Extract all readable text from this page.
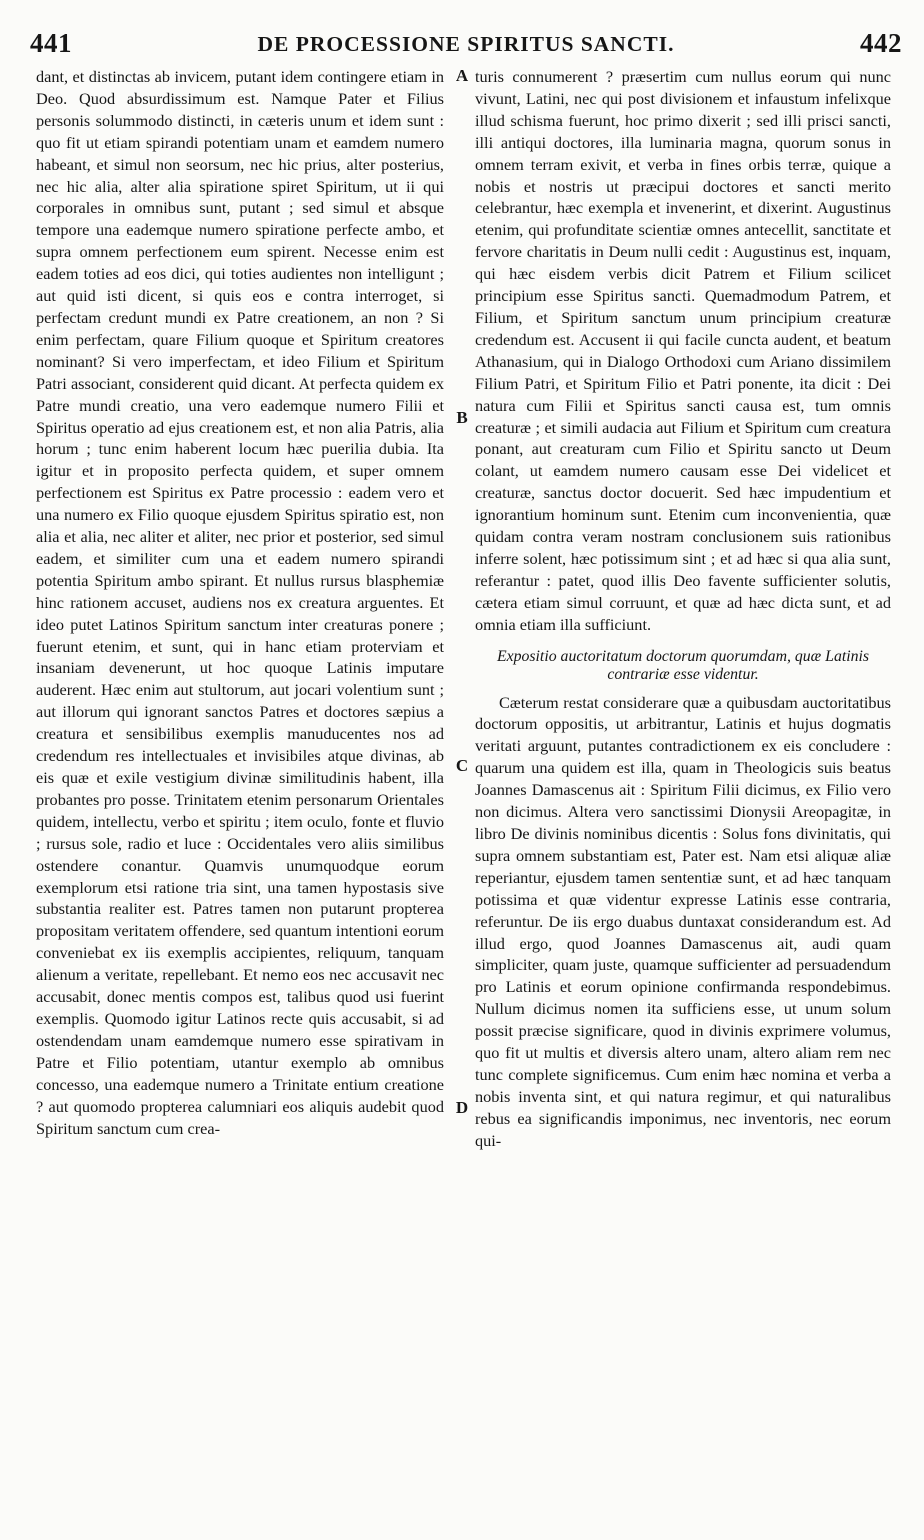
441	DE PROCESSIONE SPIRITUS SANCTI.	442

dant, et distinctas ab invicem, putant idem contingere etiam in Deo. Quod absurdissimum est. Namque Pater et Filius personis solummodo distincti, in cæteris unum et idem sunt : quo fit ut etiam spirandi potentiam unam et eamdem numero habeant, et simul non seorsum, nec hic prius, alter posterius, nec hic alia, alter alia spiratione spiret Spiritum, ut ii qui corporales in omnibus sunt, putant ; sed simul et absque tempore una eademque numero spiratione perfecte ambo, et supra omnem perfectionem eum spirent. Necesse enim est eadem toties ad eos dici, qui toties audientes non intelligunt ; aut quid isti dicent, si quis eos e contra interroget, si perfectam credunt mundi ex Patre creationem, an non ? Si enim perfectam, quare Filium quoque et Spiritum creatores nominant? Si vero imperfectam, et ideo Filium et Spiritum Patri associant, considerent quid dicant. At perfecta quidem ex Patre mundi creatio, una vero eademque numero Filii et Spiritus operatio ad ejus creationem est, et non alia Patris, alia horum ; tunc enim haberent locum hæc puerilia dubia. Ita igitur et in proposito perfecta quidem, et super omnem perfectionem est Spiritus ex Patre processio : eadem vero et una numero ex Filio quoque ejusdem Spiritus spiratio est, non alia et alia, nec aliter et aliter, nec prior et posterior, sed simul eadem, et similiter cum una et eadem numero spirandi potentia Spiritum ambo spirant. Et nullus rursus blasphemiæ hinc rationem accuset, audiens nos ex creatura arguentes. Et ideo putet Latinos Spiritum sanctum inter creaturas ponere ; fuerunt etenim, et sunt, qui in hanc etiam proterviam et insaniam devenerunt, ut hoc quoque Latinis imputare auderent. Hæc enim aut stultorum, aut jocari volentium sunt ; aut illorum qui ignorant sanctos Patres et doctores sæpius a creatura et sensibilibus exemplis manuducentes nos ad credendum res intellectuales et invisibiles atque divinas, ab eis quæ et exile vestigium divinæ similitudinis habent, illa probantes pro posse. Trinitatem etenim personarum Orientales quidem, intellectu, verbo et spiritu ; item oculo, fonte et fluvio ; rursus sole, radio et luce : Occidentales vero aliis similibus ostendere conantur. Quamvis unumquodque eorum exemplorum etsi ratione tria sint, una tamen hypostasis sive substantia realiter est. Patres tamen non putarunt propterea propositam veritatem offendere, sed quantum intentioni eorum conveniebat ex iis exemplis accipientes, reliquum, tanquam alienum a veritate, repellebant. Et nemo eos nec accusavit nec accusabit, donec mentis compos est, talibus quod usi fuerint exemplis. Quomodo igitur Latinos recte quis accusabit, si ad ostendendam unam eamdemque numero esse spirativam in Patre et Filio potentiam, utantur exemplo ab omnibus concesso, una eademque numero a Trinitate entium creatione ? aut quomodo propterea calumniari eos aliquis audebit quod Spiritum sanctum cum crea-

A
B
C
D

turis connumerent ? præsertim cum nullus eorum qui nunc vivunt, Latini, nec qui post divisionem et infaustum infelixque illud schisma fuerunt, hoc primo dixerit ; sed illi prisci sancti, illi antiqui doctores, illa luminaria magna, quorum sonus in omnem terram exivit, et verba in fines orbis terræ, quique a nobis et nostris ut præcipui doctores et sancti merito celebrantur, hæc exempla et invenerint, et dixerint. Augustinus etenim, qui profunditate scientiæ omnes antecellit, sanctitate et fervore charitatis in Deum nulli cedit : Augustinus est, inquam, qui hæc eisdem verbis dicit Patrem et Filium scilicet principium esse Spiritus sancti. Quemadmodum Patrem, et Filium, et Spiritum sanctum unum principium creaturæ credendum est. Accusent ii qui facile cuncta audent, et beatum Athanasium, qui in Dialogo Orthodoxi cum Ariano dissimilem Filium Patri, et Spiritum Filio et Patri ponente, ita dicit : Dei natura cum Filii et Spiritus sancti causa est, tum omnis creaturæ ; et simili audacia aut Filium et Spiritum cum creatura ponant, aut creaturam cum Filio et Spiritu sancto ut Deum colant, ut eamdem numero causam esse Dei videlicet et creaturæ, sanctus doctor docuerit. Sed hæc impudentium et ignorantium hominum sunt. Etenim cum inconvenientia, quæ quidam contra veram nostram conclusionem suis rationibus inferre solent, hæc potissimum sint ; et ad hæc si qua alia sunt, referantur : patet, quod illis Deo favente sufficienter solutis, cætera etiam simul corruunt, et quæ ad hæc dicta sunt, et ad omnia etiam illa sufficiunt.

Expositio auctoritatum doctorum quorumdam, quæ Latinis contrariæ esse videntur.

Cæterum restat considerare quæ a quibusdam auctoritatibus doctorum oppositis, ut arbitrantur, Latinis et hujus dogmatis veritati arguunt, putantes contradictionem ex eis concludere : quarum una quidem est illa, quam in Theologicis suis beatus Joannes Damascenus ait : Spiritum Filii dicimus, ex Filio vero non dicimus. Altera vero sanctissimi Dionysii Areopagitæ, in libro De divinis nominibus dicentis : Solus fons divinitatis, qui supra omnem substantiam est, Pater est. Nam etsi aliquæ aliæ reperiantur, ejusdem tamen sententiæ sunt, et ad hæc tanquam potissima et quæ videntur expresse Latinis esse contraria, referuntur. De iis ergo duabus duntaxat considerandum est. Ad illud ergo, quod Joannes Damascenus ait, audi quam simpliciter, quam juste, quamque sufficienter ad persuadendum pro Latinis et eorum opinione confirmanda respondebimus. Nullum dicimus nomen ita sufficiens esse, ut unum solum possit præcise significare, quod in divinis exprimere volumus, quo fit ut multis et diversis altero unam, altero aliam rem nec tunc complete significemus. Cum enim hæc nomina et verba a nobis inventa sint, et qui natura regimur, et qui naturalibus rebus ea significandis imponimus, nec inventoris, nec eorum qui-
